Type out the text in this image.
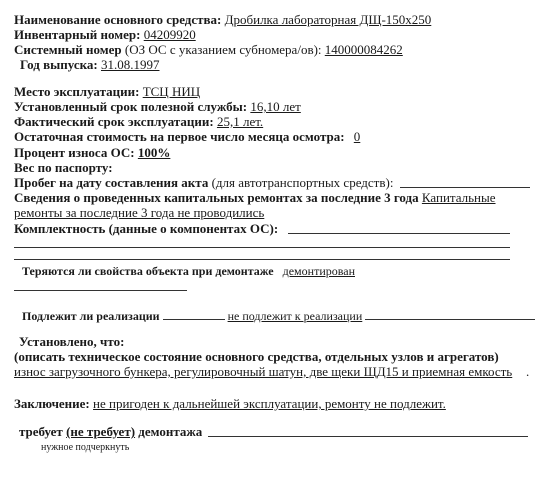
Наименование основного средства: Дробилка лабораторная ДЩ-150х250
Инвентарный номер: 04209920
Системный номер (ОЗ ОС с указанием субномера/ов): 140000084262
Год выпуска: 31.08.1997
Место эксплуатации: ТСЦ НИЦ
Установленный срок полезной службы: 16,10 лет
Фактический срок эксплуатации: 25,1 лет.
Остаточная стоимость на первое число месяца осмотра: 0
Процент износа ОС: 100%
Вес по паспорту:
Пробег на дату составления акта (для автотранспортных средств):
Сведения о проведенных капитальных ремонтах за последние 3 года Капитальные
ремонты за последние 3 года не проводились
Комплектность (данные о компонентах ОС):
Теряются ли свойства объекта при демонтаже демонтирован
Подлежит ли реализации	не подлежит к реализации
Установлено, что:
(описать техническое состояние основного средства, отдельных узлов и агрегатов)
износ загрузочного бункера, регулировочный шатун, две щеки ЩД15 и приемная емкость .
Заключение: не пригоден к дальнейшей эксплуатации, ремонту не подлежит.
требует (не требует) демонтажа
нужное подчеркнуть
